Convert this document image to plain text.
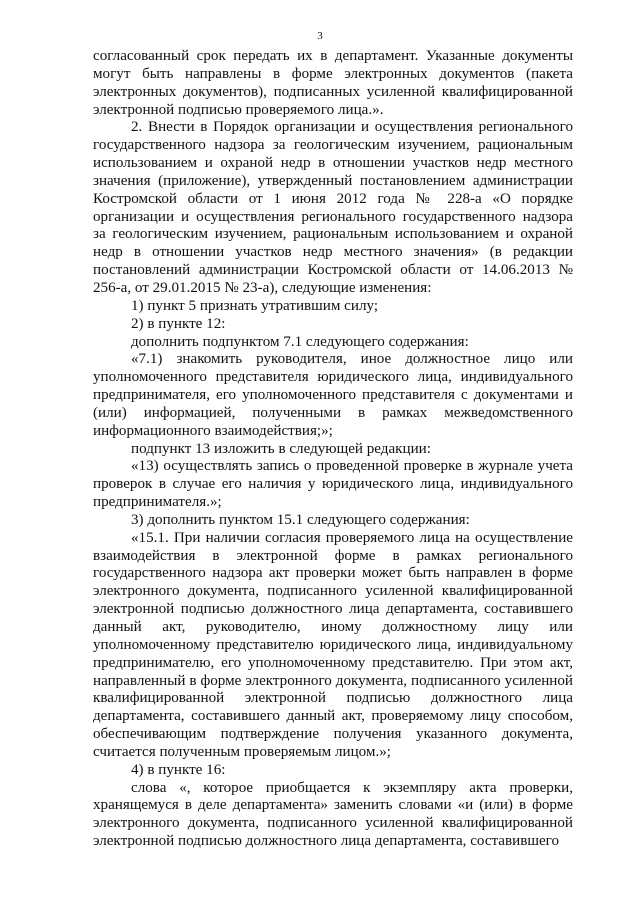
3

согласованный срок передать их в департамент. Указанные документы могут быть направлены в форме электронных документов (пакета электронных документов), подписанных усиленной квалифицированной электронной подписью проверяемого лица.».

2. Внести в Порядок организации и осуществления регионального государственного надзора за геологическим изучением, рациональным использованием и охраной недр в отношении участков недр местного значения (приложение), утвержденный постановлением администрации Костромской области от 1 июня 2012 года № 228-а «О порядке организации и осуществления регионального государственного надзора за геологическим изучением, рациональным использованием и охраной недр в отношении участков недр местного значения» (в редакции постановлений администрации Костромской области от 14.06.2013 № 256-а, от 29.01.2015 № 23-а), следующие изменения:

1) пункт 5 признать утратившим силу;

2) в пункте 12:

дополнить подпунктом 7.1 следующего содержания:

«7.1) знакомить руководителя, иное должностное лицо или уполномоченного представителя юридического лица, индивидуального предпринимателя, его уполномоченного представителя с документами и (или) информацией, полученными в рамках межведомственного информационного взаимодействия;»;

подпункт 13 изложить в следующей редакции:

«13) осуществлять запись о проведенной проверке в журнале учета проверок в случае его наличия у юридического лица, индивидуального предпринимателя.»;

3) дополнить пунктом 15.1 следующего содержания:

«15.1. При наличии согласия проверяемого лица на осуществление взаимодействия в электронной форме в рамках регионального государственного надзора акт проверки может быть направлен в форме электронного документа, подписанного усиленной квалифицированной электронной подписью должностного лица департамента, составившего данный акт, руководителю, иному должностному лицу или уполномоченному представителю юридического лица, индивидуальному предпринимателю, его уполномоченному представителю. При этом акт, направленный в форме электронного документа, подписанного усиленной квалифицированной электронной подписью должностного лица департамента, составившего данный акт, проверяемому лицу способом, обеспечивающим подтверждение получения указанного документа, считается полученным проверяемым лицом.»;

4) в пункте 16:

слова «, которое приобщается к экземпляру акта проверки, хранящемуся в деле департамента» заменить словами «и (или) в форме электронного документа, подписанного усиленной квалифицированной электронной подписью должностного лица департамента, составившего
